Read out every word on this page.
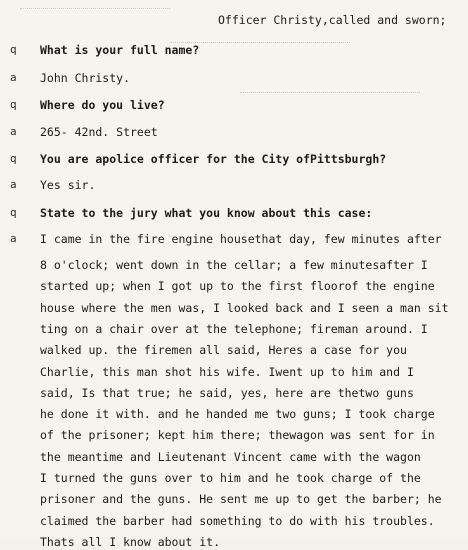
Officer Christy,called and sworn;
q What is your full name?
a John Christy.
q Where do you live?
a 265- 42nd. Street
q You are apolice officer for the City ofPittsburgh?
a Yes sir.
q State to the jury what you know about this case:
a I came in the fire engine housethat day, few minutes after
8 o'clock; went down in the cellar; a few minutesafter I
started up; when I got up to the first floorof the engine
house where the men was, I looked back and I seen a man sit
ting on a chair over at the telephone; fireman around. I
walked up. the firemen all said, Heres a case for you
Charlie, this man shot his wife. Iwent up to him and I
said, Is that true; he said, yes, here are thetwo guns
he done it with. and he handed me two guns; I took charge
of the prisoner; kept him there; thewagon was sent for in
the meantime and Lieutenant Vincent came with the wagon
I turned the guns over to him and he took charge of the
prisoner and the guns. He sent me up to get the barber; he
claimed the barber had something to do with his troubles.
Thats all I know about it.
